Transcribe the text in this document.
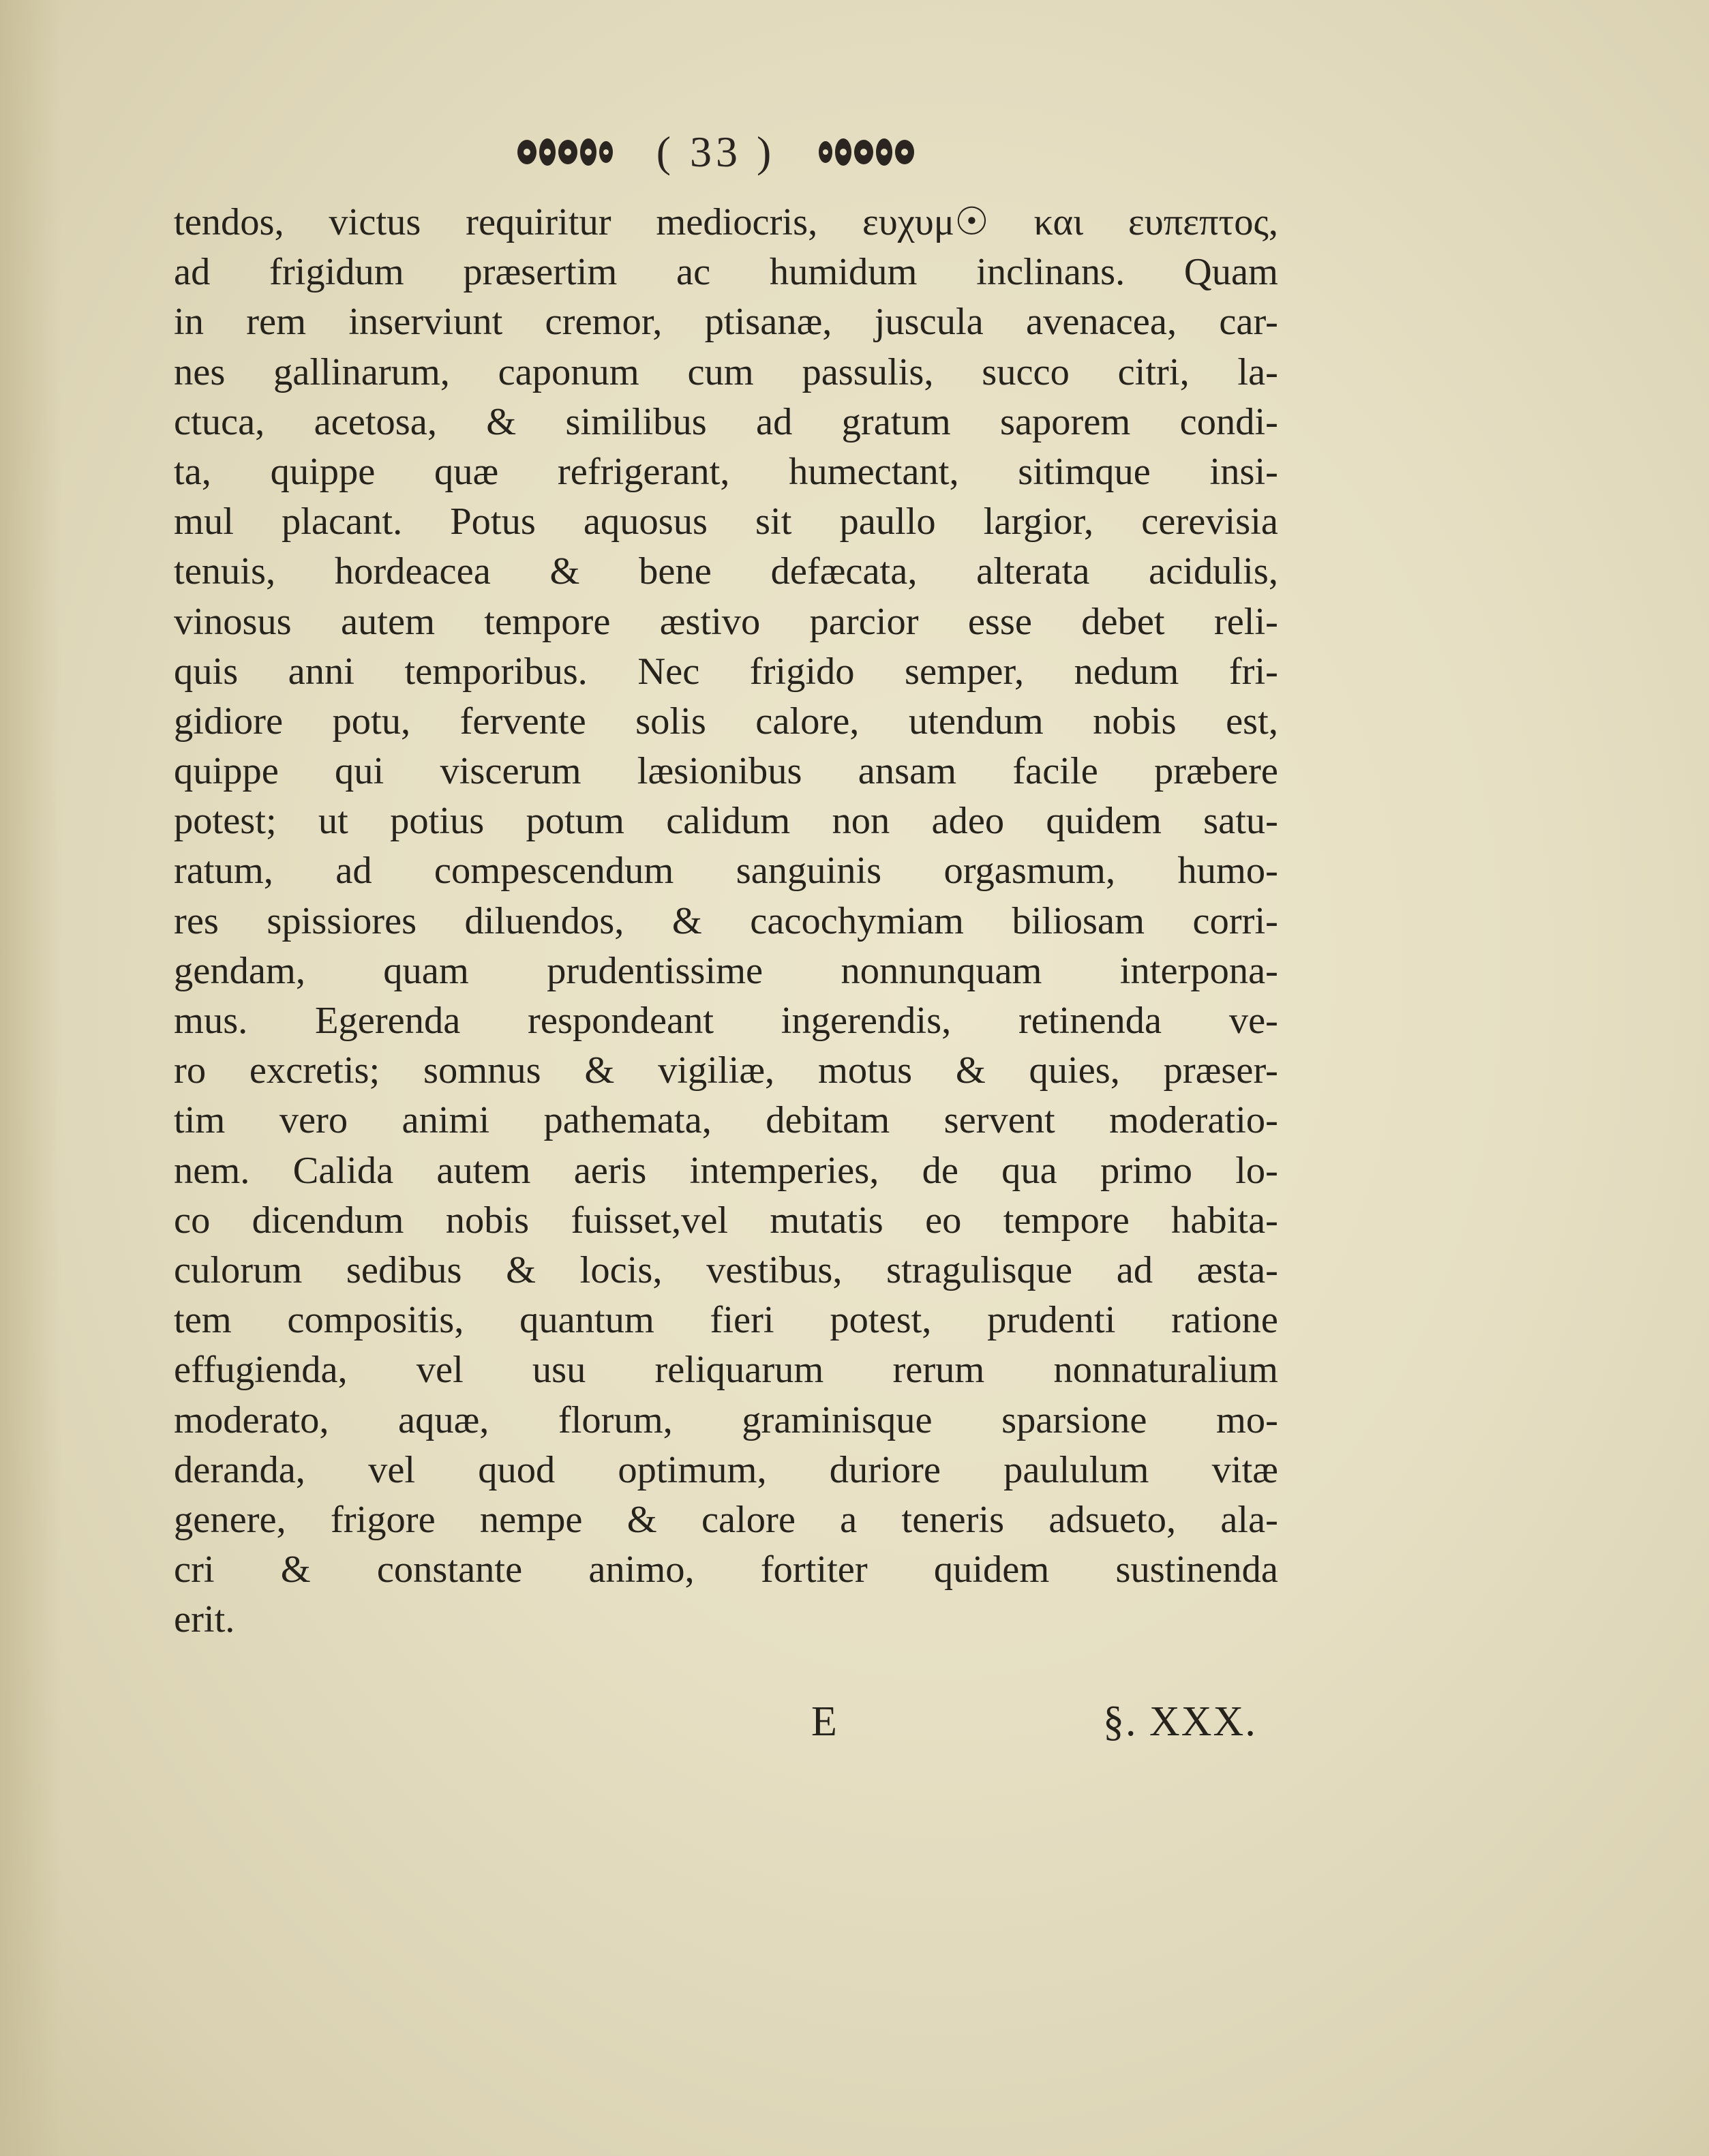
( 33 )
tendos, victus requiritur mediocris, ευχυμ☉ και ευπεπτος,
ad frigidum præsertim ac humidum inclinans. Quam
in rem inserviunt cremor, ptisanæ, juscula avenacea, car-
nes gallinarum, caponum cum passulis, succo citri, la-
ctuca, acetosa, & similibus ad gratum saporem condi-
ta, quippe quæ refrigerant, humectant, sitimque insi-
mul placant. Potus aquosus sit paullo largior, cerevisia
tenuis, hordeacea & bene defæcata, alterata acidulis,
vinosus autem tempore æstivo parcior esse debet reli-
quis anni temporibus. Nec frigido semper, nedum fri-
gidiore potu, fervente solis calore, utendum nobis est,
quippe qui viscerum læsionibus ansam facile præbere
potest; ut potius potum calidum non adeo quidem satu-
ratum, ad compescendum sanguinis orgasmum, humo-
res spissiores diluendos, & cacochymiam biliosam corri-
gendam, quam prudentissime nonnunquam interpona-
mus. Egerenda respondeant ingerendis, retinenda ve-
ro excretis; somnus & vigiliæ, motus & quies, præser-
tim vero animi pathemata, debitam servent moderatio-
nem. Calida autem aeris intemperies, de qua primo lo-
co dicendum nobis fuisset,vel mutatis eo tempore habita-
culorum sedibus & locis, vestibus, stragulisque ad æsta-
tem compositis, quantum fieri potest, prudenti ratione
effugienda, vel usu reliquarum rerum nonnaturalium
moderato, aquæ, florum, graminisque sparsione mo-
deranda, vel quod optimum, duriore paululum vitæ
genere, frigore nempe & calore a teneris adsueto, ala-
cri & constante animo, fortiter quidem sustinenda
erit.
E	§. XXX.
